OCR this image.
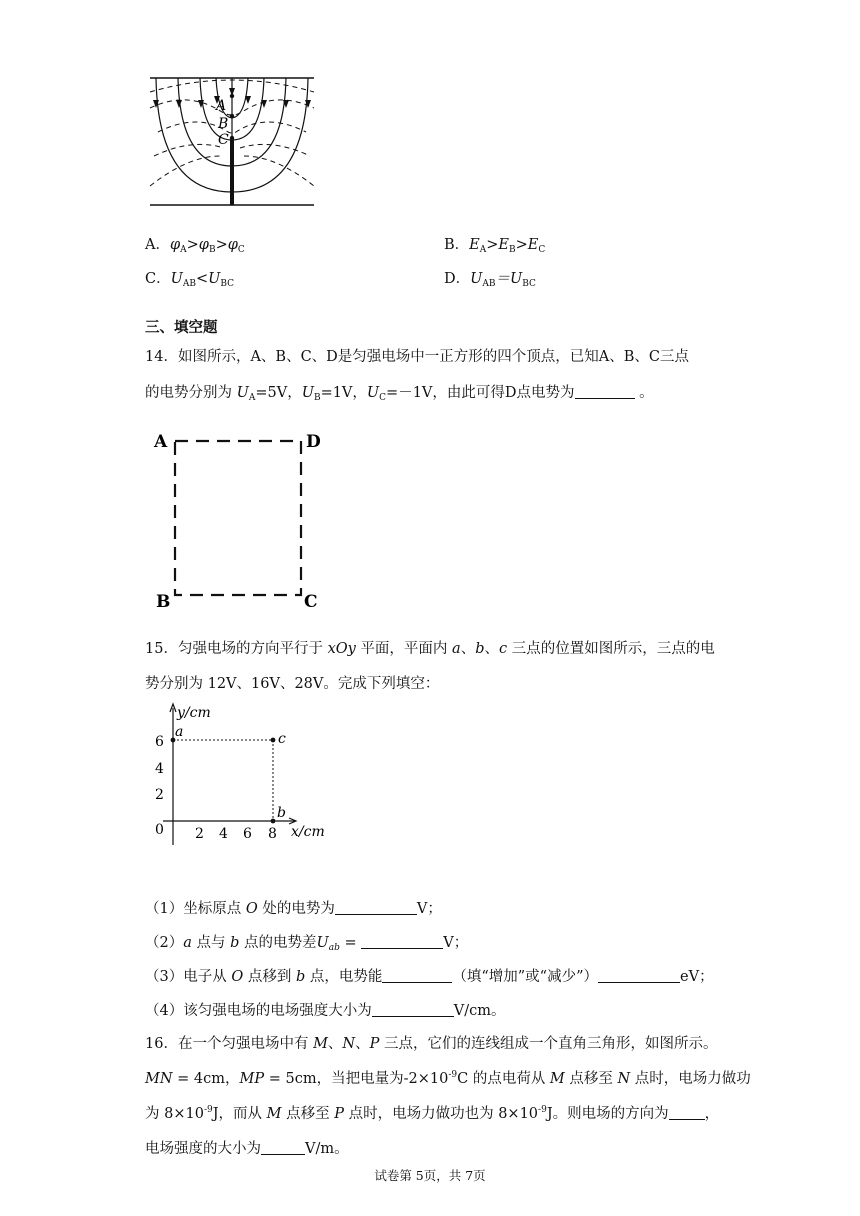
A
B
C
A．$\varphi_A>\varphi_B>\varphi_C$	B．$E_A>E_B>E_C$
C．$U_{AB}<U_{BC}$	D．$U_{AB}=U_{BC}$
三、填空题
14．如图所示，A、B、C、D是匀强电场中一正方形的四个顶点，已知A、B、C三点
的电势分别为 $U_A=5V$，$U_B=1V$，$U_C=-1V$，由此可得D点电势为	。
A	D
B	C
15．匀强电场的方向平行于 xOy 平面，平面内 a、b、c 三点的位置如图所示，三点的电
势分别为 12V、16V、28V。完成下列填空：
y/cm
x/cm
0
6
4
2
2 4 6 8
a	c
b
（1）坐标原点 O 处的电势为	V；
（2）a 点与 b 点的电势差$U_{ab}$ =	V；
（3）电子从 O 点移到 b 点，电势能	（填“增加”或“减少”）	eV；
（4）该匀强电场的电场强度大小为	V/cm。
16．在一个匀强电场中有 M、N、P 三点，它们的连线组成一个直角三角形，如图所示。
MN = 4cm，MP = 5cm，当把电量为$-2\times 10^{-9}C$ 的点电荷从 M 点移至 N 点时，电场力做功
为 $8\times 10^{-9}J$，而从 M 点移至 P 点时，电场力做功也为 $8\times 10^{-9}J$。则电场的方向为 ，
电场强度的大小为	V/m。
试卷第 5页，共 7页
